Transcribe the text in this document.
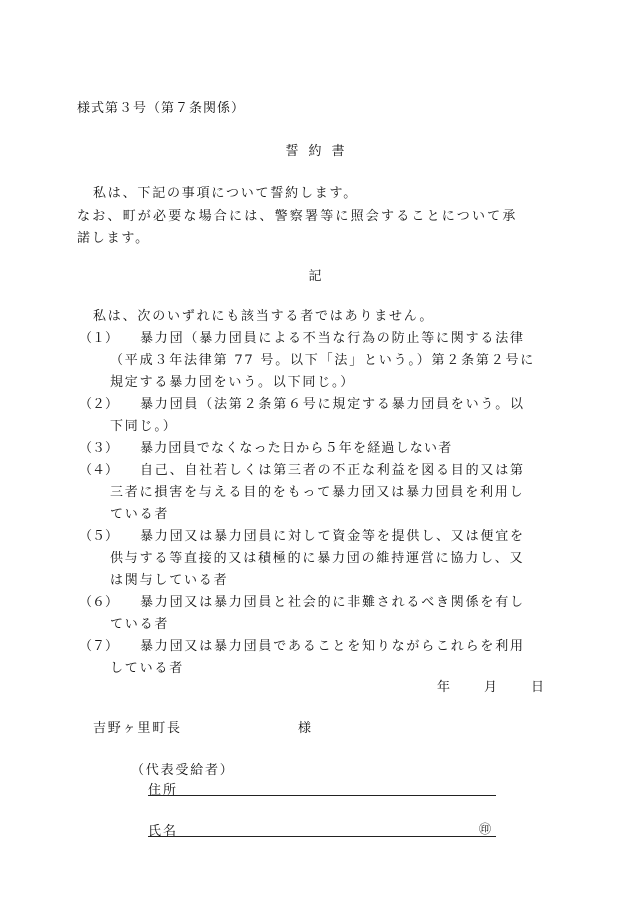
様式第３号（第７条関係）
誓約書
私は、下記の事項について誓約します。
なお、町が必要な場合には、警察署等に照会することについて承
諾します。
記
私は、次のいずれにも該当する者ではありません。
（１） 暴力団（暴力団員による不当な行為の防止等に関する法律
（平成３年法律第 77 号。以下「法」という。）第２条第２号に
規定する暴力団をいう。以下同じ。）
（２） 暴力団員（法第２条第６号に規定する暴力団員をいう。以
下同じ。）
（３） 暴力団員でなくなった日から５年を経過しない者
（４） 自己、自社若しくは第三者の不正な利益を図る目的又は第
三者に損害を与える目的をもって暴力団又は暴力団員を利用し
ている者
（５） 暴力団又は暴力団員に対して資金等を提供し、又は便宜を
供与する等直接的又は積極的に暴力団の維持運営に協力し、又
は関与している者
（６） 暴力団又は暴力団員と社会的に非難されるべき関係を有し
ている者
（７） 暴力団又は暴力団員であることを知りながらこれらを利用
している者
年	月	日
吉野ヶ里町長	様
（代表受給者）
住所
氏名	㊞
